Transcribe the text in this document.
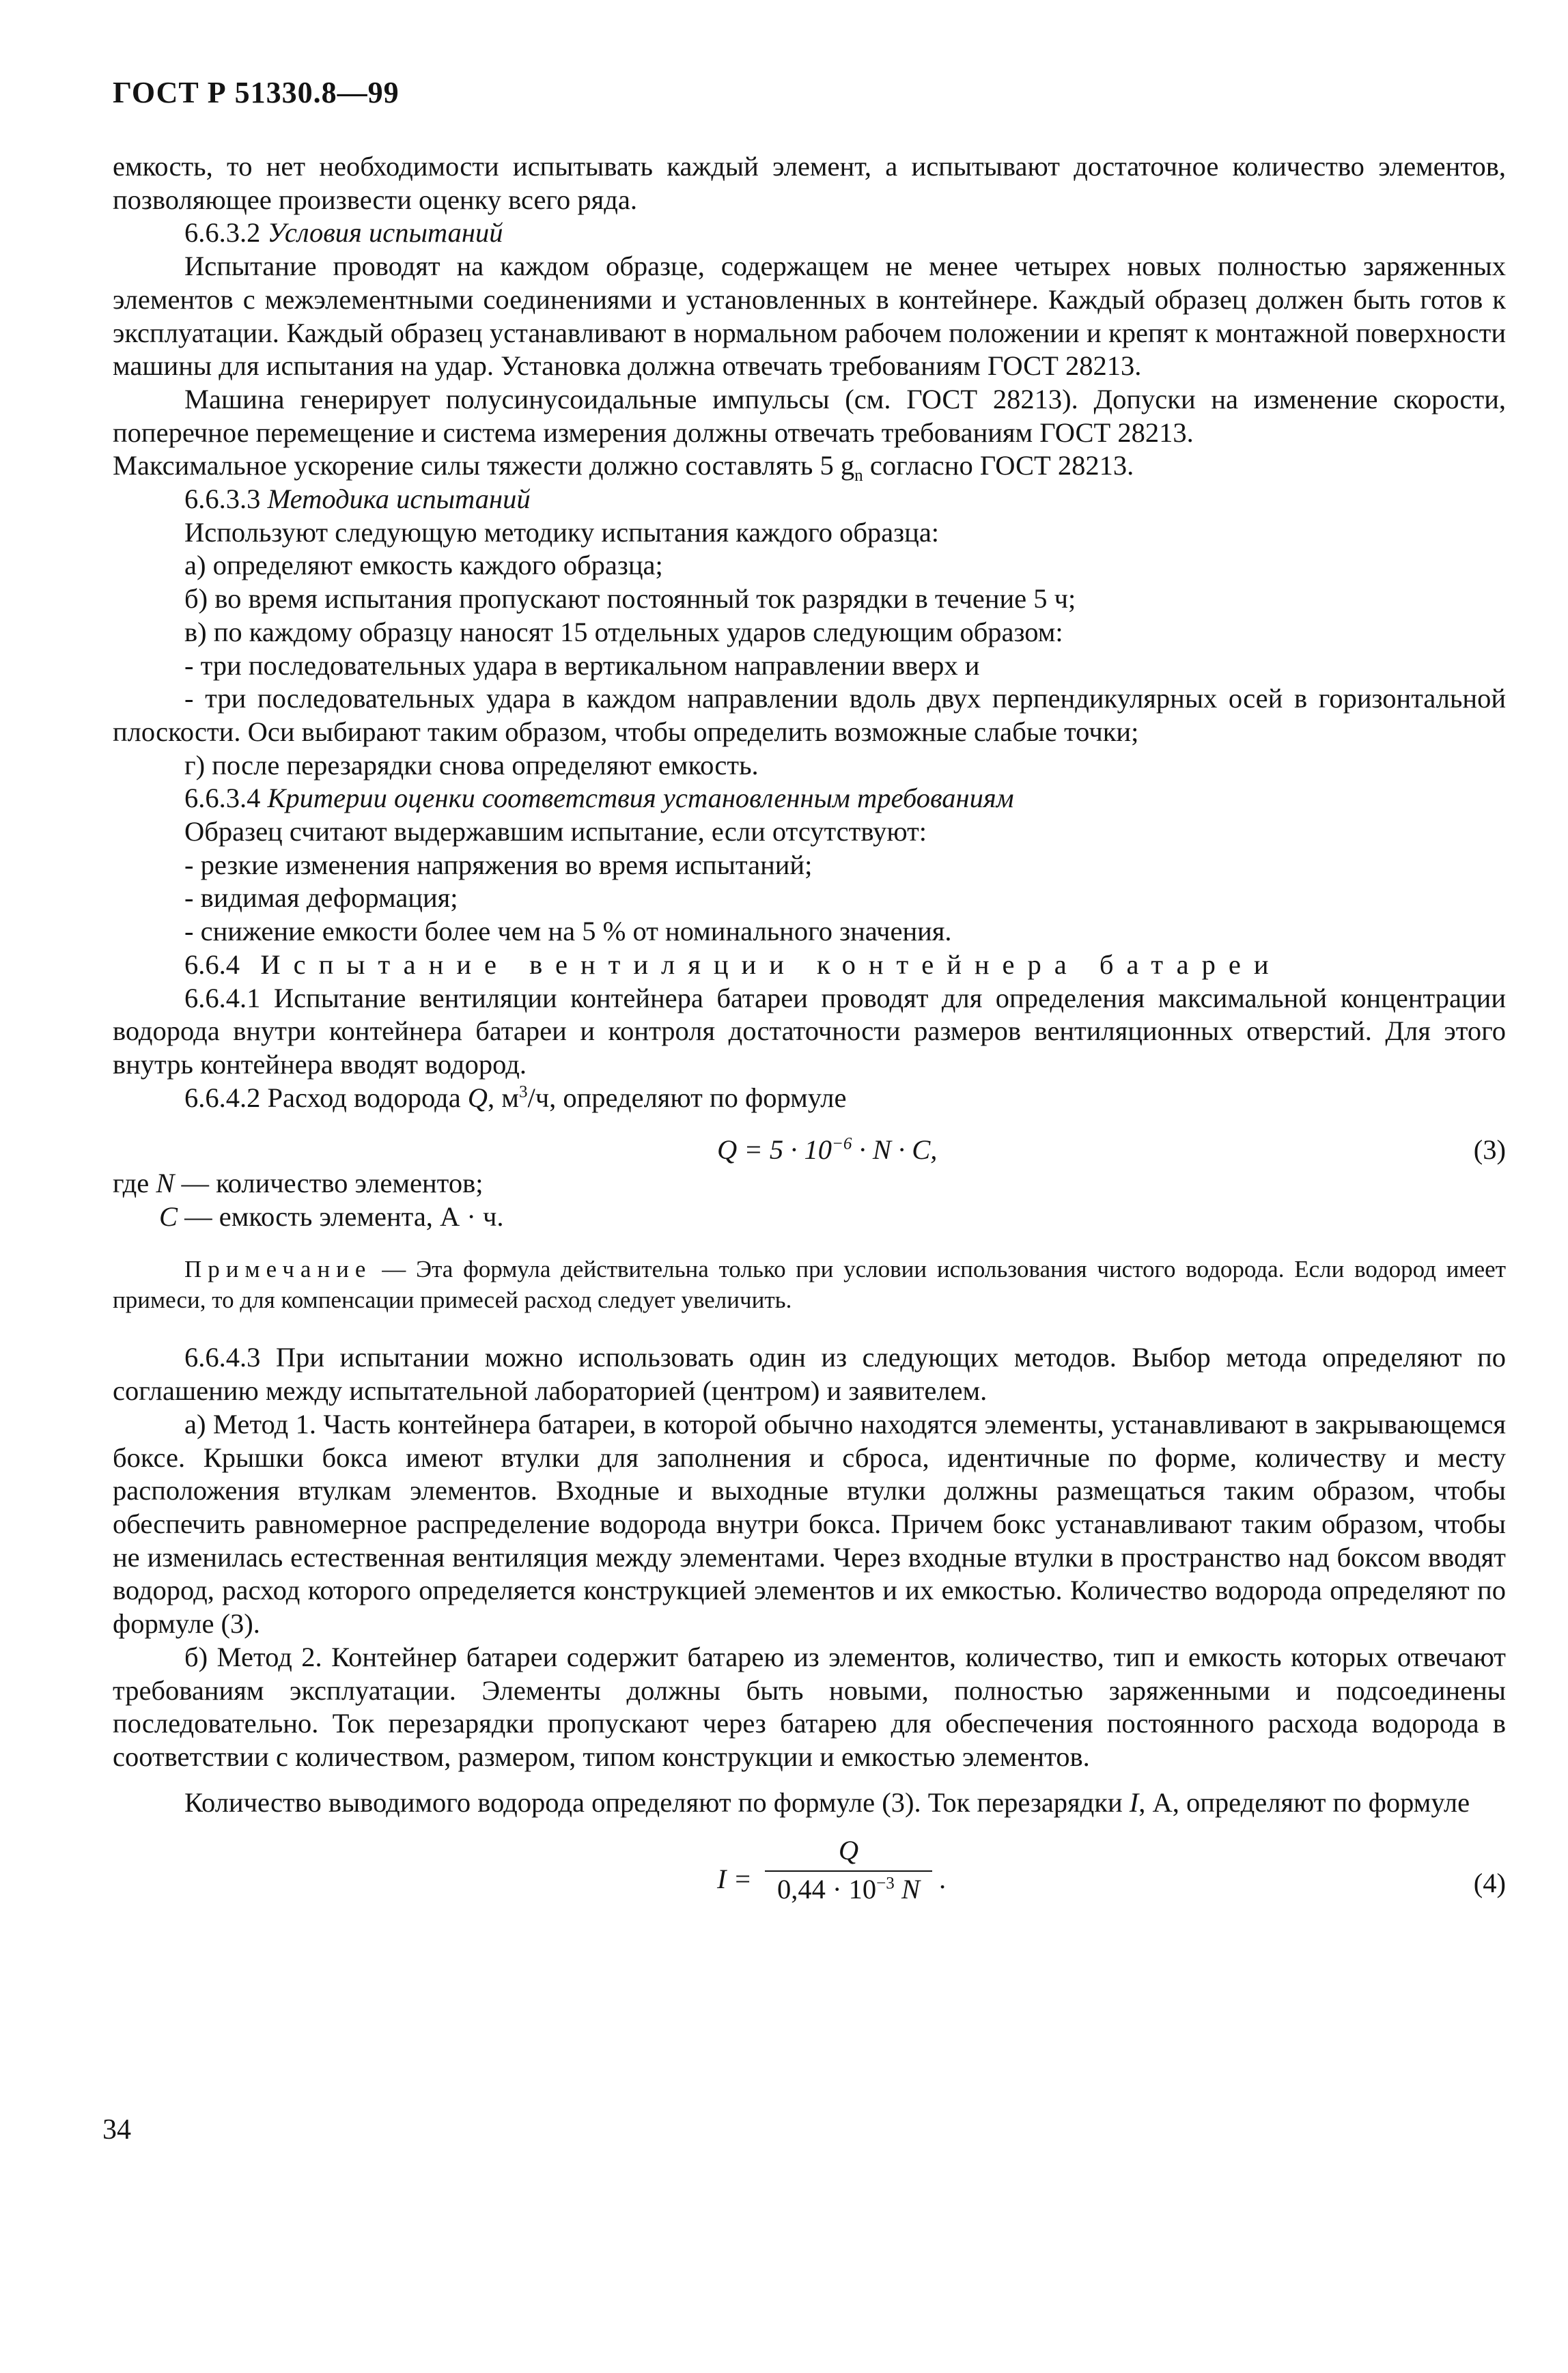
ГОСТ Р 51330.8—99

емкость, то нет необходимости испытывать каждый элемент, а испытывают достаточное количество элементов, позволяющее произвести оценку всего ряда.

6.6.3.2 Условия испытаний

Испытание проводят на каждом образце, содержащем не менее четырех новых полностью заряженных элементов с межэлементными соединениями и установленных в контейнере. Каждый образец должен быть готов к эксплуатации. Каждый образец устанавливают в нормальном рабочем положении и крепят к монтажной поверхности машины для испытания на удар. Установка должна отвечать требованиям ГОСТ 28213.

Машина генерирует полусинусоидальные импульсы (см. ГОСТ 28213). Допуски на изменение скорости, поперечное перемещение и система измерения должны отвечать требованиям ГОСТ 28213.

Максимальное ускорение силы тяжести должно составлять 5 $g_n$ согласно ГОСТ 28213.

6.6.3.3 Методика испытаний

Используют следующую методику испытания каждого образца:

а) определяют емкость каждого образца;

б) во время испытания пропускают постоянный ток разрядки в течение 5 ч;

в) по каждому образцу наносят 15 отдельных ударов следующим образом:

- три последовательных удара в вертикальном направлении вверх и

- три последовательных удара в каждом направлении вдоль двух перпендикулярных осей в горизонтальной плоскости. Оси выбирают таким образом, чтобы определить возможные слабые точки;

г) после перезарядки снова определяют емкость.

6.6.3.4 Критерии оценки соответствия установленным требованиям

Образец считают выдержавшим испытание, если отсутствуют:

- резкие изменения напряжения во время испытаний;

- видимая деформация;

- снижение емкости более чем на 5 % от номинального значения.

6.6.4 Испытание вентиляции контейнера батареи

6.6.4.1 Испытание вентиляции контейнера батареи проводят для определения максимальной концентрации водорода внутри контейнера батареи и контроля достаточности размеров вентиляционных отверстий. Для этого внутрь контейнера вводят водород.

6.6.4.2 Расход водорода Q, $м^3/ч$, определяют по формуле

$Q = 5 \cdot 10^{-6} \cdot N \cdot C$,	(3)

где N — количество элементов;

C — емкость элемента, А · ч.

Примечание — Эта формула действительна только при условии использования чистого водорода. Если водород имеет примеси, то для компенсации примесей расход следует увеличить.

6.6.4.3 При испытании можно использовать один из следующих методов. Выбор метода определяют по соглашению между испытательной лабораторией (центром) и заявителем.

а) Метод 1. Часть контейнера батареи, в которой обычно находятся элементы, устанавливают в закрывающемся боксе. Крышки бокса имеют втулки для заполнения и сброса, идентичные по форме, количеству и месту расположения втулкам элементов. Входные и выходные втулки должны размещаться таким образом, чтобы обеспечить равномерное распределение водорода внутри бокса. Причем бокс устанавливают таким образом, чтобы не изменилась естественная вентиляция между элементами. Через входные втулки в пространство над боксом вводят водород, расход которого определяется конструкцией элементов и их емкостью. Количество водорода определяют по формуле (3).

б) Метод 2. Контейнер батареи содержит батарею из элементов, количество, тип и емкость которых отвечают требованиям эксплуатации. Элементы должны быть новыми, полностью заряженными и подсоединены последовательно. Ток перезарядки пропускают через батарею для обеспечения постоянного расхода водорода в соответствии с количеством, размером, типом конструкции и емкостью элементов.

Количество выводимого водорода определяют по формуле (3). Ток перезарядки I, А, определяют по формуле

$I = \frac{Q}{0,44 \cdot 10^{-3} N}$ .	(4)
34
